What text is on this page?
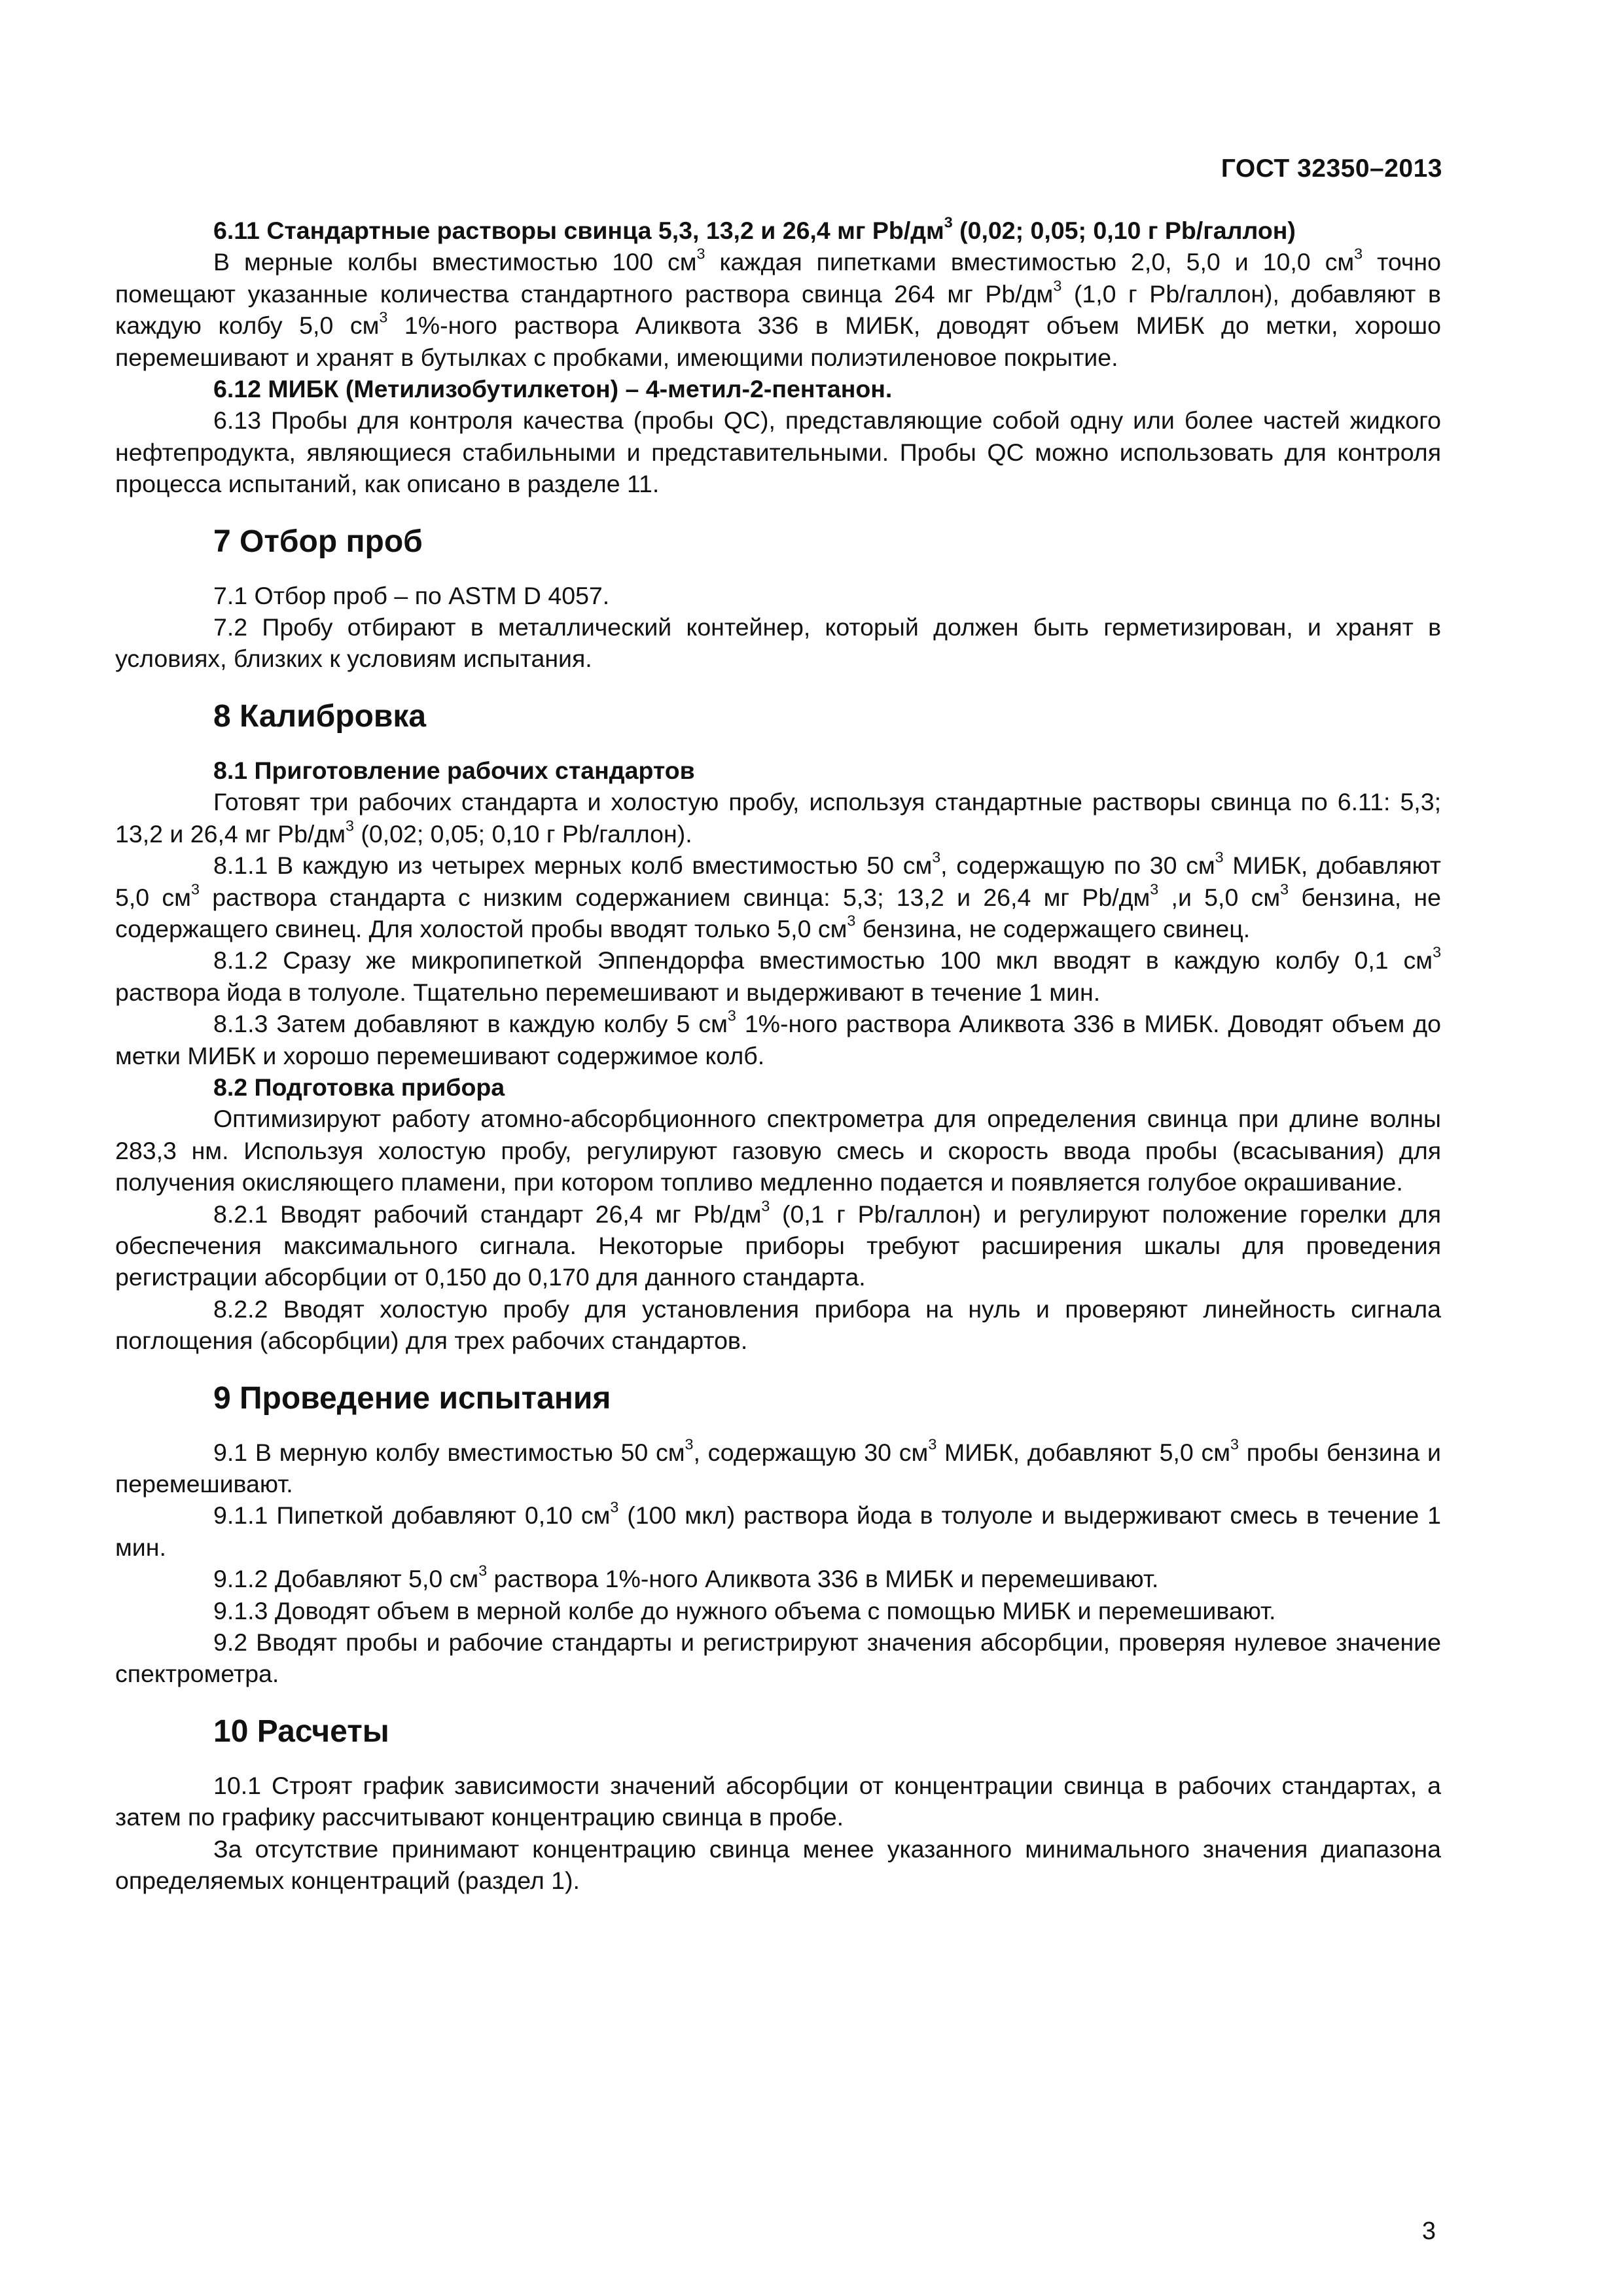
ГОСТ 32350–2013
6.11 Стандартные растворы свинца 5,3, 13,2 и 26,4 мг $Pb/дм^3$ (0,02; 0,05; 0,10 г Pb/галлон)
В мерные колбы вместимостью 100 $см^3$ каждая пипетками вместимостью 2,0, 5,0 и 10,0 $см^3$ точно помещают указанные количества стандартного раствора свинца 264 мг $Pb/дм^3$ (1,0 г Pb/галлон), добавляют в каждую колбу 5,0 $см^3$ 1%-ного раствора Аликвота 336 в МИБК, доводят объем МИБК до метки, хорошо перемешивают и хранят в бутылках с пробками, имеющими полиэтиленовое покрытие.
6.12 МИБК (Метилизобутилкетон) – 4-метил-2-пентанон.
6.13 Пробы для контроля качества (пробы QC), представляющие собой одну или более частей жидкого нефтепродукта, являющиеся стабильными и представительными. Пробы QC можно использовать для контроля процесса испытаний, как описано в разделе 11.
7 Отбор проб
7.1 Отбор проб – по ASTM D 4057.
7.2 Пробу отбирают в металлический контейнер, который должен быть герметизирован, и хранят в условиях, близких к условиям испытания.
8 Калибровка
8.1 Приготовление рабочих стандартов
Готовят три рабочих стандарта и холостую пробу, используя стандартные растворы свинца по 6.11: 5,3; 13,2 и 26,4 мг $Pb/дм^3$ (0,02; 0,05; 0,10 г Pb/галлон).
8.1.1 В каждую из четырех мерных колб вместимостью 50 $см^3$, содержащую по 30 $см^3$ МИБК, добавляют 5,0 $см^3$ раствора стандарта с низким содержанием свинца: 5,3; 13,2 и 26,4 мг $Pb/дм^3$ ,и 5,0 $см^3$ бензина, не содержащего свинец. Для холостой пробы вводят только 5,0 $см^3$ бензина, не содержащего свинец.
8.1.2 Сразу же микропипеткой Эппендорфа вместимостью 100 мкл вводят в каждую колбу 0,1 $см^3$ раствора йода в толуоле. Тщательно перемешивают и выдерживают в течение 1 мин.
8.1.3 Затем добавляют в каждую колбу 5 $см^3$ 1%-ного раствора Аликвота 336 в МИБК. Доводят объем до метки МИБК и хорошо перемешивают содержимое колб.
8.2 Подготовка прибора
Оптимизируют работу атомно-абсорбционного спектрометра для определения свинца при длине волны 283,3 нм. Используя холостую пробу, регулируют газовую смесь и скорость ввода пробы (всасывания) для получения окисляющего пламени, при котором топливо медленно подается и появляется голубое окрашивание.
8.2.1 Вводят рабочий стандарт 26,4 мг $Pb/дм^3$ (0,1 г Pb/галлон) и регулируют положение горелки для обеспечения максимального сигнала. Некоторые приборы требуют расширения шкалы для проведения регистрации абсорбции от 0,150 до 0,170 для данного стандарта.
8.2.2 Вводят холостую пробу для установления прибора на нуль и проверяют линейность сигнала поглощения (абсорбции) для трех рабочих стандартов.
9 Проведение испытания
9.1 В мерную колбу вместимостью 50 $см^3$, содержащую 30 $см^3$ МИБК, добавляют 5,0 $см^3$ пробы бензина и перемешивают.
9.1.1 Пипеткой добавляют 0,10 $см^3$ (100 мкл) раствора йода в толуоле и выдерживают смесь в течение 1 мин.
9.1.2 Добавляют 5,0 $см^3$ раствора 1%-ного Аликвота 336 в МИБК и перемешивают.
9.1.3 Доводят объем в мерной колбе до нужного объема с помощью МИБК и перемешивают.
9.2 Вводят пробы и рабочие стандарты и регистрируют значения абсорбции, проверяя нулевое значение спектрометра.
10 Расчеты
10.1 Строят график зависимости значений абсорбции от концентрации свинца в рабочих стандартах, а затем по графику рассчитывают концентрацию свинца в пробе.
За отсутствие принимают концентрацию свинца менее указанного минимального значения диапазона определяемых концентраций (раздел 1).
3
